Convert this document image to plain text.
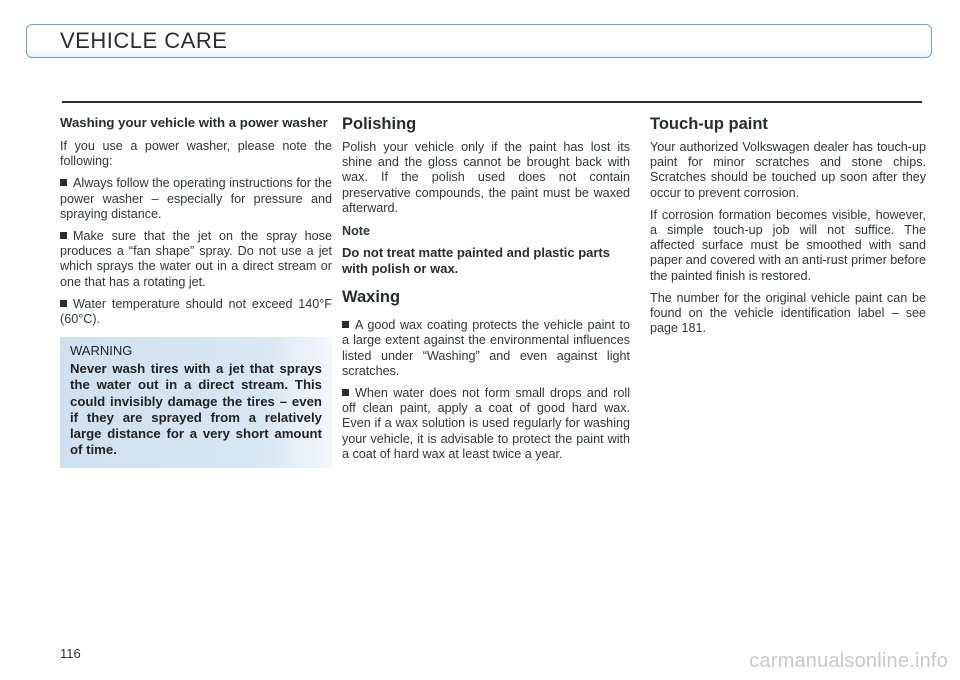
VEHICLE CARE
Washing your vehicle with a power washer

If you use a power washer, please note the following:

Always follow the operating instructions for the power washer – especially for pressure and spraying distance.

Make sure that the jet on the spray hose produces a “fan shape” spray. Do not use a jet which sprays the water out in a direct stream or one that has a rotating jet.

Water temperature should not exceed 140°F (60°C).

WARNING
Never wash tires with a jet that sprays the water out in a direct stream. This could invisibly damage the tires – even if they are sprayed from a relatively large distance for a very short amount of time.
Polishing

Polish your vehicle only if the paint has lost its shine and the gloss cannot be brought back with wax. If the polish used does not contain preservative compounds, the paint must be waxed afterward.

Note
Do not treat matte painted and plastic parts with polish or wax.
Waxing

A good wax coating protects the vehicle paint to a large extent against the environmental influences listed under “Washing” and even against light scratches.

When water does not form small drops and roll off clean paint, apply a coat of good hard wax. Even if a wax solution is used regularly for washing your vehicle, it is advisable to protect the paint with a coat of hard wax at least twice a year.

Touch-up paint

Your authorized Volkswagen dealer has touch-up paint for minor scratches and stone chips. Scratches should be touched up soon after they occur to prevent corrosion.

If corrosion formation becomes visible, however, a simple touch-up job will not suffice. The affected surface must be smoothed with sand paper and covered with an anti-rust primer before the painted finish is restored.

The number for the original vehicle paint can be found on the vehicle identification label – see page 181.

116	carmanualsonline.info
